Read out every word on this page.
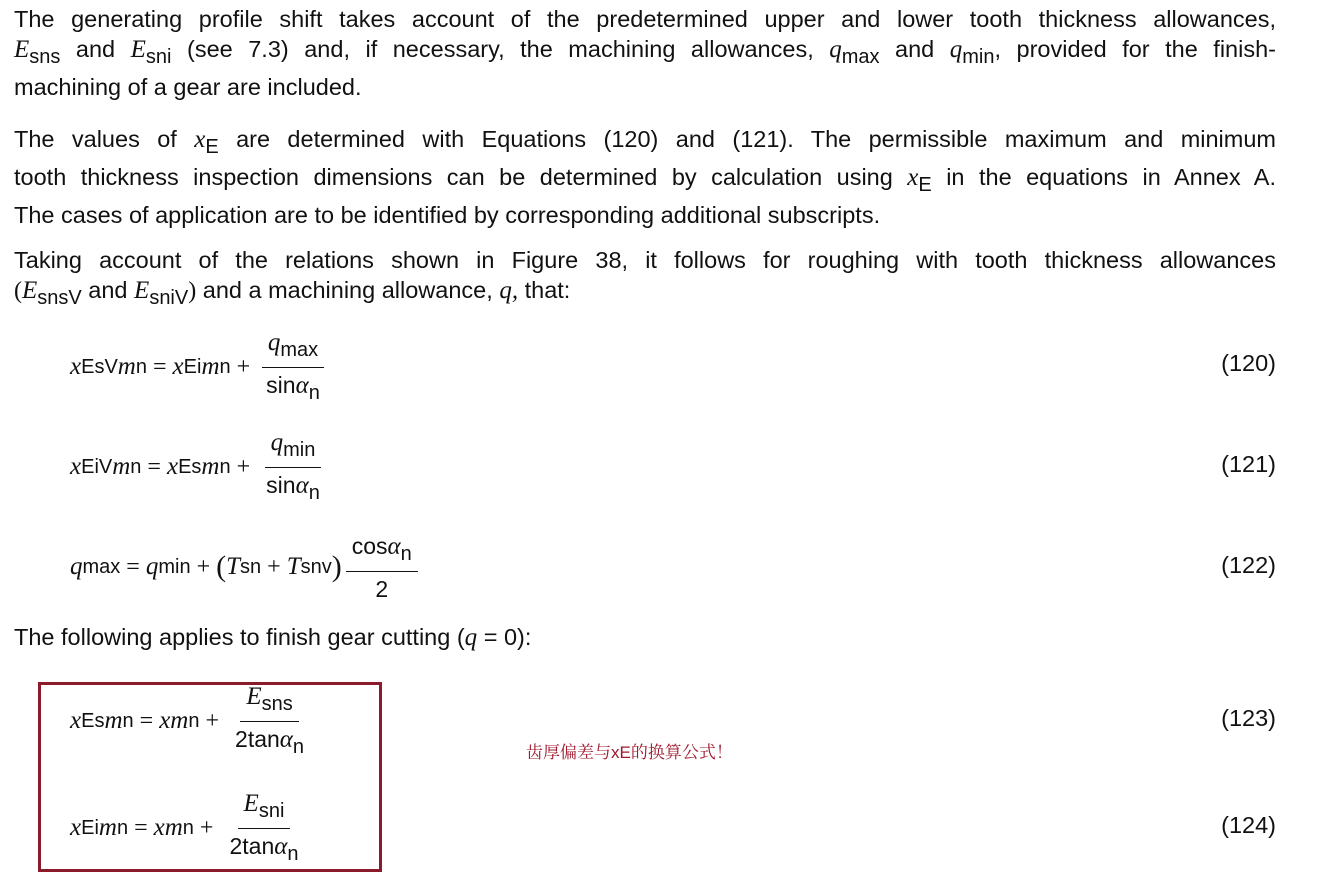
The generating profile shift takes account of the predetermined upper and lower tooth thickness allowances,
Esns and Esni (see 7.3) and, if necessary, the machining allowances, qmax and qmin, provided for the finish-
machining of a gear are included.
The values of xE are determined with Equations (120) and (121). The permissible maximum and minimum
tooth thickness inspection dimensions can be determined by calculation using xE in the equations in Annex A.
The cases of application are to be identified by corresponding additional subscripts.
Taking account of the relations shown in Figure 38, it follows for roughing with tooth thickness allowances
(EsnsV and EsniV) and a machining allowance, q, that:
x EsV m n = x Ei m $n + \frac{qmax}{\sin\alpha n}$	(120)
x EiV m n = x Es m $n + \frac{qmin}{\sin\alpha n}$	(121)
q max = q min + ( T sn + T snv ) $\frac{\cos\alpha n}{2}$	(122)
The following applies to finish gear cutting (q = 0):
x Es m n = xm $n + \frac{\text{Esns}}{2\tan\alpha n}$	(123)
齿厚偏差与xE的换算公式！
x Ei m n = xm $n + \frac{\text{Esni}}{2\tan\alpha n}$	(124)
